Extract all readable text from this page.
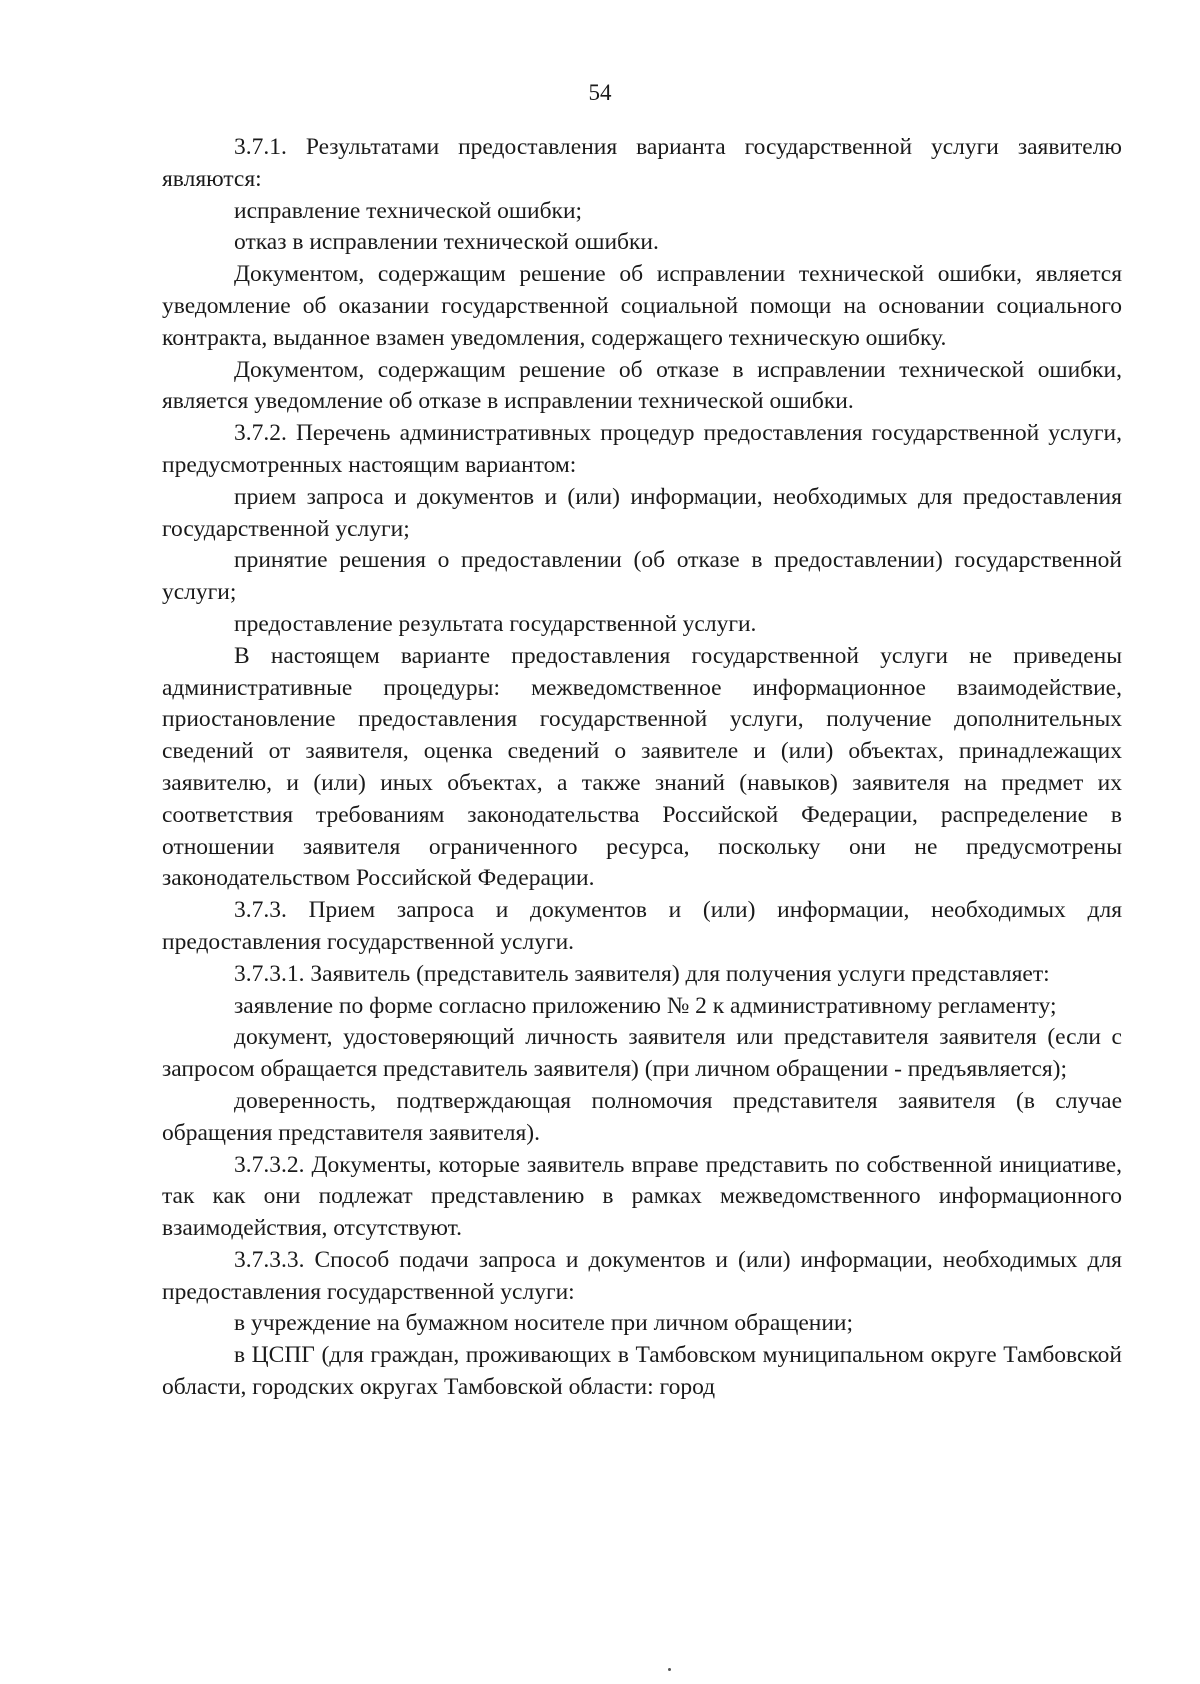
54

3.7.1. Результатами предоставления варианта государственной услуги заявителю являются:

исправление технической ошибки;

отказ в исправлении технической ошибки.

Документом, содержащим решение об исправлении технической ошибки, является уведомление об оказании государственной социальной помощи на основании социального контракта, выданное взамен уведомления, содержащего техническую ошибку.

Документом, содержащим решение об отказе в исправлении технической ошибки, является уведомление об отказе в исправлении технической ошибки.

3.7.2. Перечень административных процедур предоставления государственной услуги, предусмотренных настоящим вариантом:

прием запроса и документов и (или) информации, необходимых для предоставления государственной услуги;

принятие решения о предоставлении (об отказе в предоставлении) государственной услуги;

предоставление результата государственной услуги.

В настоящем варианте предоставления государственной услуги не приведены административные процедуры: межведомственное информационное взаимодействие, приостановление предоставления государственной услуги, получение дополнительных сведений от заявителя, оценка сведений о заявителе и (или) объектах, принадлежащих заявителю, и (или) иных объектах, а также знаний (навыков) заявителя на предмет их соответствия требованиям законодательства Российской Федерации, распределение в отношении заявителя ограниченного ресурса, поскольку они не предусмотрены законодательством Российской Федерации.

3.7.3. Прием запроса и документов и (или) информации, необходимых для предоставления государственной услуги.

3.7.3.1. Заявитель (представитель заявителя) для получения услуги представляет:

заявление по форме согласно приложению № 2 к административному регламенту;

документ, удостоверяющий личность заявителя или представителя заявителя (если с запросом обращается представитель заявителя) (при личном обращении - предъявляется);

доверенность, подтверждающая полномочия представителя заявителя (в случае обращения представителя заявителя).

3.7.3.2. Документы, которые заявитель вправе представить по собственной инициативе, так как они подлежат представлению в рамках межведомственного информационного взаимодействия, отсутствуют.

3.7.3.3. Способ подачи запроса и документов и (или) информации, необходимых для предоставления государственной услуги:

в учреждение на бумажном носителе при личном обращении;

в ЦСПГ (для граждан, проживающих в Тамбовском муниципальном округе Тамбовской области, городских округах Тамбовской области: город
